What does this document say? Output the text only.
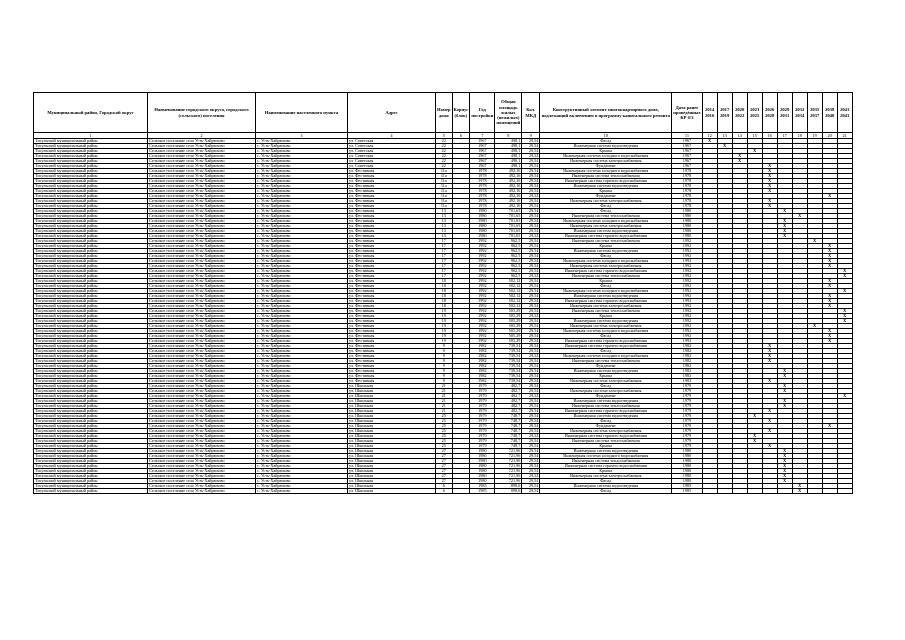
Муниципальный район, Городской округ	Наименование городского округа, городского (сельского) поселения	Наименование населенного пункта	Адрес	Номер дома	Корпус (блок)	Год постройки	Общая площадь жилых (нежилых) помещений	Кол. МКД	Конструктивный элемент многоквартирного дома, подлежащий включению в программу капитального ремонта	Дата ранее проведённых КР б/З	2014 2016	2017 2019	2020 2022	2023 2025	2026 2028	2029 2031	2032 2034	2035 2037	2038 2040	2041 2043
1	2	3	4	5	6	7	8	9	10	11	12	13	14	15	16	17	18	19	20	21
Тисульский муниципальный район	Сельское поселение село Усть-Хайрюзово	с. Усть-Хайрюзово	ул. Советская	22		1967	498,1	29,54	Фасад	1967	X									
Тисульский муниципальный район	Сельское поселение село Усть-Хайрюзово	с. Усть-Хайрюзово	ул. Советская	22		1967	498,1	29,54	Инженерная система водоотведения	1967		X								
Тисульский муниципальный район	Сельское поселение село Усть-Хайрюзово	с. Усть-Хайрюзово	ул. Советская	22		1967	498,1	29,54	Крыша	1967				X						
Тисульский муниципальный район	Сельское поселение село Усть-Хайрюзово	с. Усть-Хайрюзово	ул. Советская	22		1967	498,1	29,54	Инженерная система холодного водоснабжения	1967			X							
Тисульский муниципальный район	Сельское поселение село Усть-Хайрюзово	с. Усть-Хайрюзово	ул. Советская	22		1967	498,1	29,54	Инженерная система электроснабжения	1967			X							
Тисульский муниципальный район	Сельское поселение село Усть-Хайрюзово	с. Усть-Хайрюзово	ул. Советская	22		1967	498,1	29,54	Фундамент	1967					X					
Тисульский муниципальный район	Сельское поселение село Усть-Хайрюзово	с. Усть-Хайрюзово	ул. Фестивная	11а		1978	492,16	29,54	Инженерная система холодного водоснабжения	1978					X					
Тисульский муниципальный район	Сельское поселение село Усть-Хайрюзово	с. Усть-Хайрюзово	ул. Фестивная	11а		1978	492,16	29,54	Инженерная система теплоснабжения	1978					X					
Тисульский муниципальный район	Сельское поселение село Усть-Хайрюзово	с. Усть-Хайрюзово	ул. Фестивная	11а		1978	492,16	29,54	Инженерная система горячего водоснабжения	1978					X					
Тисульский муниципальный район	Сельское поселение село Усть-Хайрюзово	с. Усть-Хайрюзово	ул. Фестивная	11а		1978	492,16	29,54	Инженерная система водоотведения	1978					X					
Тисульский муниципальный район	Сельское поселение село Усть-Хайрюзово	с. Усть-Хайрюзово	ул. Фестивная	11а		1978	492,16	29,54	Крыша	1978					X					
Тисульский муниципальный район	Сельское поселение село Усть-Хайрюзово	с. Усть-Хайрюзово	ул. Фестивная	11а		1978	492,16	29,54	Фундамент	1978									X	
Тисульский муниципальный район	Сельское поселение село Усть-Хайрюзово	с. Усть-Хайрюзово	ул. Фестивная	11а		1978	492,16	29,54	Инженерная система электроснабжения	1978					X					
Тисульский муниципальный район	Сельское поселение село Усть-Хайрюзово	с. Усть-Хайрюзово	ул. Фестивная	11а		1978	492,16	29,54	Фасад	1978					X					
Тисульский муниципальный район	Сельское поселение село Усть-Хайрюзово	с. Усть-Хайрюзово	ул. Фестивная	13		1980	701,65	29,54	Фасад	1980						X				
Тисульский муниципальный район	Сельское поселение село Усть-Хайрюзово	с. Усть-Хайрюзово	ул. Фестивная	13		1980	701,65	29,54	Инженерная система теплоснабжения	1980							X			
Тисульский муниципальный район	Сельское поселение село Усть-Хайрюзово	с. Усть-Хайрюзово	ул. Фестивная	13		1980	701,65	29,54	Инженерная система холодного водоснабжения	1980						X				
Тисульский муниципальный район	Сельское поселение село Усть-Хайрюзово	с. Усть-Хайрюзово	ул. Фестивная	13		1980	701,65	29,54	Инженерная система электроснабжения	1980						X				
Тисульский муниципальный район	Сельское поселение село Усть-Хайрюзово	с. Усть-Хайрюзово	ул. Фестивная	13		1980	701,65	29,54	Инженерная система водоотведения	1980						X				
Тисульский муниципальный район	Сельское поселение село Усть-Хайрюзово	с. Усть-Хайрюзово	ул. Фестивная	13		1980	701,65	29,54	Инженерная система горячего водоснабжения	1980						X				
Тисульский муниципальный район	Сельское поселение село Усть-Хайрюзово	с. Усть-Хайрюзово	ул. Фестивная	17		1992	962,5	29,54	Инженерная система теплоснабжения	1992								X		
Тисульский муниципальный район	Сельское поселение село Усть-Хайрюзово	с. Усть-Хайрюзово	ул. Фестивная	17		1992	962,5	29,54	Крыша	1992									X	
Тисульский муниципальный район	Сельское поселение село Усть-Хайрюзово	с. Усть-Хайрюзово	ул. Фестивная	17		1992	962,5	29,54	Инженерная система водоотведения	1992									X	
Тисульский муниципальный район	Сельское поселение село Усть-Хайрюзово	с. Усть-Хайрюзово	ул. Фестивная	17		1992	962,5	29,54	Фасад	1992									X	
Тисульский муниципальный район	Сельское поселение село Усть-Хайрюзово	с. Усть-Хайрюзово	ул. Фестивная	17		1992	962,5	29,54	Инженерная система холодного водоснабжения	1992									X	
Тисульский муниципальный район	Сельское поселение село Усть-Хайрюзово	с. Усть-Хайрюзово	ул. Фестивная	17		1992	962,5	29,54	Инженерная система электроснабжения	1992									X	
Тисульский муниципальный район	Сельское поселение село Усть-Хайрюзово	с. Усть-Хайрюзово	ул. Фестивная	17		1992	962,5	29,54	Инженерная система горячего водоснабжения	1992										X
Тисульский муниципальный район	Сельское поселение село Усть-Хайрюзово	с. Усть-Хайрюзово	ул. Фестивная	17		1992	962,5	29,54	Инженерная система теплоснабжения	1992										X
Тисульский муниципальный район	Сельское поселение село Усть-Хайрюзово	с. Усть-Хайрюзово	ул. Фестивная	18		1992	502,12	29,54	Крыша	1992									X	
Тисульский муниципальный район	Сельское поселение село Усть-Хайрюзово	с. Усть-Хайрюзово	ул. Фестивная	18		1992	502,12	29,54	Фасад	1992									X	
Тисульский муниципальный район	Сельское поселение село Усть-Хайрюзово	с. Усть-Хайрюзово	ул. Фестивная	18		1992	502,12	29,54	Инженерная система холодного водоснабжения	1992										X
Тисульский муниципальный район	Сельское поселение село Усть-Хайрюзово	с. Усть-Хайрюзово	ул. Фестивная	18		1992	502,12	29,54	Инженерная система водоотведения	1992									X	
Тисульский муниципальный район	Сельское поселение село Усть-Хайрюзово	с. Усть-Хайрюзово	ул. Фестивная	18		1992	502,12	29,54	Инженерная система горячего водоснабжения	1992									X	
Тисульский муниципальный район	Сельское поселение село Усть-Хайрюзово	с. Усть-Хайрюзово	ул. Фестивная	18		1992	502,12	29,54	Инженерная система электроснабжения	1992									X	
Тисульский муниципальный район	Сельское поселение село Усть-Хайрюзово	с. Усть-Хайрюзово	ул. Фестивная	19		1992	505,29	29,54	Инженерная система теплоснабжения	1992										X
Тисульский муниципальный район	Сельское поселение село Усть-Хайрюзово	с. Усть-Хайрюзово	ул. Фестивная	19		1992	505,29	29,54	Крыша	1992										X
Тисульский муниципальный район	Сельское поселение село Усть-Хайрюзово	с. Усть-Хайрюзово	ул. Фестивная	19		1992	505,29	29,54	Инженерная система водоотведения	1992										X
Тисульский муниципальный район	Сельское поселение село Усть-Хайрюзово	с. Усть-Хайрюзово	ул. Фестивная	19		1992	505,29	29,54	Инженерная система электроснабжения	1992								X		
Тисульский муниципальный район	Сельское поселение село Усть-Хайрюзово	с. Усть-Хайрюзово	ул. Фестивная	19		1992	505,29	29,54	Инженерная система холодного водоснабжения	1992									X	
Тисульский муниципальный район	Сельское поселение село Усть-Хайрюзово	с. Усть-Хайрюзово	ул. Фестивная	19		1992	505,29	29,54	Фасад	1992									X	
Тисульский муниципальный район	Сельское поселение село Усть-Хайрюзово	с. Усть-Хайрюзово	ул. Фестивная	19		1992	505,29	29,54	Инженерная система горячего водоснабжения	1992									X	
Тисульский муниципальный район	Сельское поселение село Усть-Хайрюзово	с. Усть-Хайрюзово	ул. Фестивная	9		1982	739,54	29,54	Инженерная система горячего водоснабжения	1982					X					
Тисульский муниципальный район	Сельское поселение село Усть-Хайрюзово	с. Усть-Хайрюзово	ул. Фестивная	9		1982	739,54	29,54	Фасад	1982					X					
Тисульский муниципальный район	Сельское поселение село Усть-Хайрюзово	с. Усть-Хайрюзово	ул. Фестивная	9		1982	739,54	29,54	Инженерная система холодного водоснабжения	1982					X					
Тисульский муниципальный район	Сельское поселение село Усть-Хайрюзово	с. Усть-Хайрюзово	ул. Фестивная	9		1982	739,54	29,54	Инженерная система теплоснабжения	1982					X					
Тисульский муниципальный район	Сельское поселение село Усть-Хайрюзово	с. Усть-Хайрюзово	ул. Фестивная	9		1982	739,54	29,54	Фундамент	1982										
Тисульский муниципальный район	Сельское поселение село Усть-Хайрюзово	с. Усть-Хайрюзово	ул. Фестивная	9		1982	739,54	29,54	Инженерная система водоотведения	1982						X				
Тисульский муниципальный район	Сельское поселение село Усть-Хайрюзово	с. Усть-Хайрюзово	ул. Фестивная	9		1982	739,54	29,54	Крыша	1982						X				
Тисульский муниципальный район	Сельское поселение село Усть-Хайрюзово	с. Усть-Хайрюзово	ул. Фестивная	9		1982	739,54	29,54	Инженерная система электроснабжения	1982					X					
Тисульский муниципальный район	Сельское поселение село Усть-Хайрюзово	с. Усть-Хайрюзово	ул. Школьная	21		1979	482,7	29,54	Фасад	1979						X				
Тисульский муниципальный район	Сельское поселение село Усть-Хайрюзово	с. Усть-Хайрюзово	ул. Школьная	21		1979	482,7	29,54	Инженерная система электроснабжения	1979						X				
Тисульский муниципальный район	Сельское поселение село Усть-Хайрюзово	с. Усть-Хайрюзово	ул. Школьная	21		1979	482,7	29,54	Фундамент	1979										X
Тисульский муниципальный район	Сельское поселение село Усть-Хайрюзово	с. Усть-Хайрюзово	ул. Школьная	21		1979	482,7	29,54	Инженерная система водоотведения	1979						X				
Тисульский муниципальный район	Сельское поселение село Усть-Хайрюзово	с. Усть-Хайрюзово	ул. Школьная	21		1979	482,7	29,54	Инженерная система теплоснабжения	1979						X				
Тисульский муниципальный район	Сельское поселение село Усть-Хайрюзово	с. Усть-Хайрюзово	ул. Школьная	21		1979	482,7	29,54	Инженерная система горячего водоснабжения	1979					X					
Тисульский муниципальный район	Сельское поселение село Усть-Хайрюзово	с. Усть-Хайрюзово	ул. Школьная	25		1979	748,7	29,54	Инженерная система водоотведения	1979				X						
Тисульский муниципальный район	Сельское поселение село Усть-Хайрюзово	с. Усть-Хайрюзово	ул. Школьная	25		1979	748,7	29,54	Фасад	1979					X					
Тисульский муниципальный район	Сельское поселение село Усть-Хайрюзово	с. Усть-Хайрюзово	ул. Школьная	25		1979	748,7	29,54	Фундамент	1979									X	
Тисульский муниципальный район	Сельское поселение село Усть-Хайрюзово	с. Усть-Хайрюзово	ул. Школьная	25		1979	748,7	29,54	Инженерная система электроснабжения	1979					X					
Тисульский муниципальный район	Сельское поселение село Усть-Хайрюзово	с. Усть-Хайрюзово	ул. Школьная	25		1979	748,7	29,54	Инженерная система горячего водоснабжения	1979				X						
Тисульский муниципальный район	Сельское поселение село Усть-Хайрюзово	с. Усть-Хайрюзово	ул. Школьная	25		1979	748,7	29,54	Инженерная система теплоснабжения	1979				X						
Тисульский муниципальный район	Сельское поселение село Усть-Хайрюзово	с. Усть-Хайрюзово	ул. Школьная	25		1979	748,7	29,54	Крыша	1979					X					
Тисульский муниципальный район	Сельское поселение село Усть-Хайрюзово	с. Усть-Хайрюзово	ул. Школьная	27		1980	721,96	29,54	Инженерная система водоотведения	1980						X				
Тисульский муниципальный район	Сельское поселение село Усть-Хайрюзово	с. Усть-Хайрюзово	ул. Школьная	27		1980	721,96	29,54	Инженерная система холодного водоснабжения	1980						X				
Тисульский муниципальный район	Сельское поселение село Усть-Хайрюзово	с. Усть-Хайрюзово	ул. Школьная	27		1980	721,96	29,54	Инженерная система теплоснабжения	1980						X				
Тисульский муниципальный район	Сельское поселение село Усть-Хайрюзово	с. Усть-Хайрюзово	ул. Школьная	27		1980	721,96	29,54	Инженерная система горячего водоснабжения	1980						X				
Тисульский муниципальный район	Сельское поселение село Усть-Хайрюзово	с. Усть-Хайрюзово	ул. Школьная	27		1980	721,96	29,54	Крыша	1980						X				
Тисульский муниципальный район	Сельское поселение село Усть-Хайрюзово	с. Усть-Хайрюзово	ул. Школьная	27		1980	721,96	29,54	Инженерная система электроснабжения	1980						X				
Тисульский муниципальный район	Сельское поселение село Усть-Хайрюзово	с. Усть-Хайрюзово	ул. Школьная	27		1980	721,96	29,54	Фасад	1980						X				
Тисульский муниципальный район	Сельское поселение село Усть-Хайрюзово	с. Усть-Хайрюзово	ул. Школьная	6		1985	898,6	29,54	Инженерная система водоотведения	1985							X			
Тисульский муниципальный район	Сельское поселение село Усть-Хайрюзово	с. Усть-Хайрюзово	ул. Школьная	6		1985	898,6	29,54	Фасад	1985							X			
